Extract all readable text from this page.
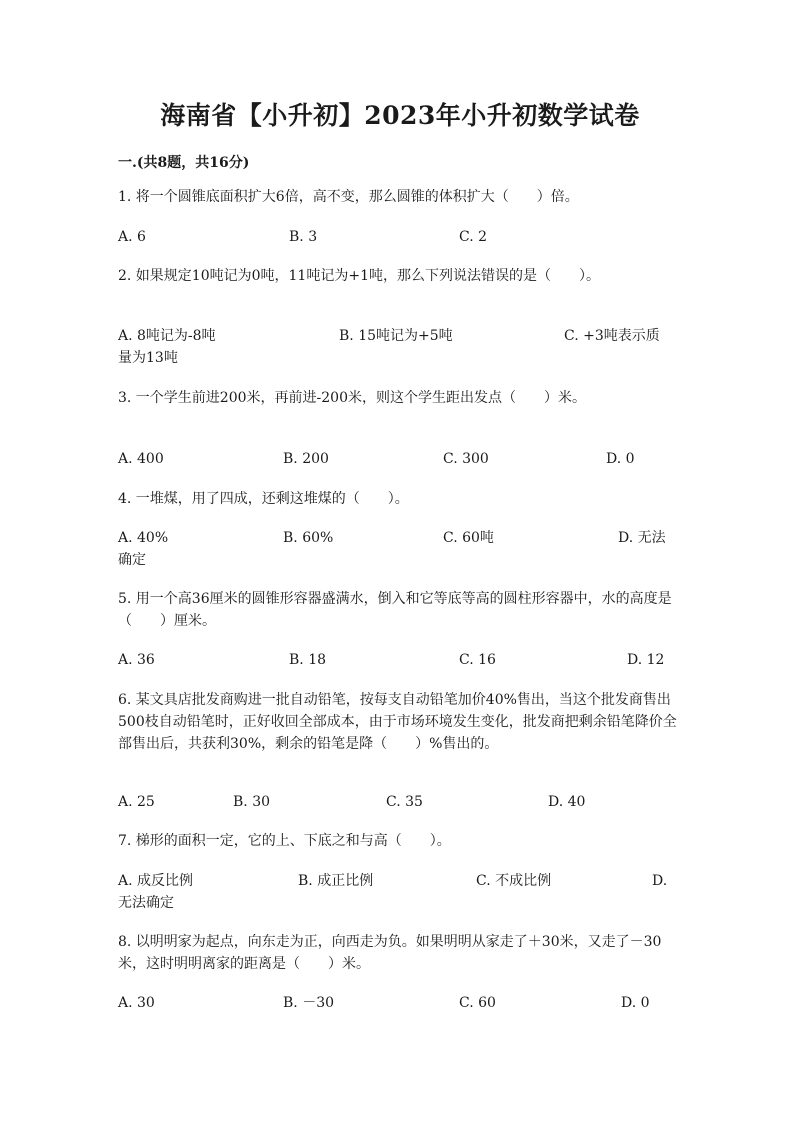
海南省【小升初】2023年小升初数学试卷
一.(共8题，共16分)
1. 将一个圆锥底面积扩大6倍，高不变，那么圆锥的体积扩大（　　）倍。
A. 6	B. 3	C. 2
2. 如果规定10吨记为0吨，11吨记为+1吨，那么下列说法错误的是（　　）。
A. 8吨记为-8吨	B. 15吨记为+5吨	C. +3吨表示质
量为13吨
3. 一个学生前进200米，再前进-200米，则这个学生距出发点（　　）米。
A. 400	B. 200	C. 300	D. 0
4. 一堆煤，用了四成，还剩这堆煤的（　　）。
A. 40%	B. 60%	C. 60吨	D. 无法
确定
5. 用一个高36厘米的圆锥形容器盛满水，倒入和它等底等高的圆柱形容器中，水的高度是（　　）厘米。
A. 36	B. 18	C. 16	D. 12
6. 某文具店批发商购进一批自动铅笔，按每支自动铅笔加价40%售出，当这个批发商售出500枝自动铅笔时，正好收回全部成本，由于市场环境发生变化，批发商把剩余铅笔降价全部售出后，共获利30%，剩余的铅笔是降（　　）%售出的。
A. 25	B. 30	C. 35	D. 40
7. 梯形的面积一定，它的上、下底之和与高（　　）。
A. 成反比例	B. 成正比例	C. 不成比例	D.
无法确定
8. 以明明家为起点，向东走为正，向西走为负。如果明明从家走了＋30米，又走了－30米，这时明明离家的距离是（　　）米。
A. 30	B. －30	C. 60	D. 0
